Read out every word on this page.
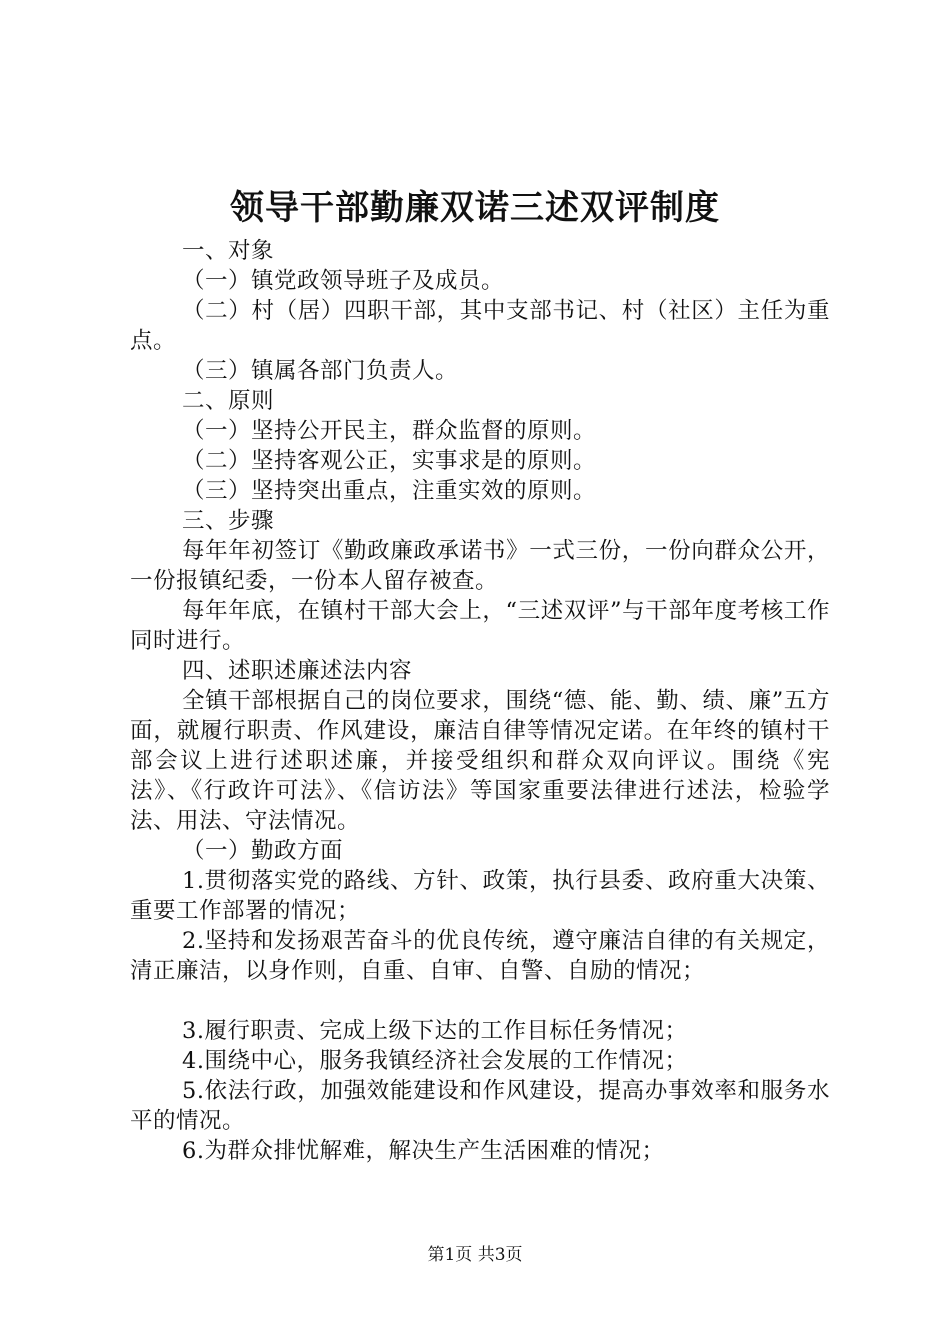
领导干部勤廉双诺三述双评制度

一、对象

（一）镇党政领导班子及成员。

（二）村（居）四职干部，其中支部书记、村（社区）主任为重点。

（三）镇属各部门负责人。

二、原则

（一）坚持公开民主，群众监督的原则。

（二）坚持客观公正，实事求是的原则。

（三）坚持突出重点，注重实效的原则。

三、步骤

每年年初签订《勤政廉政承诺书》一式三份，一份向群众公开，一份报镇纪委，一份本人留存被查。

每年年底，在镇村干部大会上，“三述双评”与干部年度考核工作同时进行。

四、述职述廉述法内容

全镇干部根据自己的岗位要求，围绕“德、能、勤、绩、廉”五方面，就履行职责、作风建设，廉洁自律等情况定诺。在年终的镇村干部会议上进行述职述廉，并接受组织和群众双向评议。围绕《宪法》、《行政许可法》、《信访法》等国家重要法律进行述法，检验学法、用法、守法情况。

（一）勤政方面

1.贯彻落实党的路线、方针、政策，执行县委、政府重大决策、重要工作部署的情况；

2.坚持和发扬艰苦奋斗的优良传统，遵守廉洁自律的有关规定，清正廉洁，以身作则，自重、自审、自警、自励的情况；

3.履行职责、完成上级下达的工作目标任务情况；

4.围绕中心，服务我镇经济社会发展的工作情况；

5.依法行政，加强效能建设和作风建设，提高办事效率和服务水平的情况。

6.为群众排忧解难，解决生产生活困难的情况；

第1页 共3页
